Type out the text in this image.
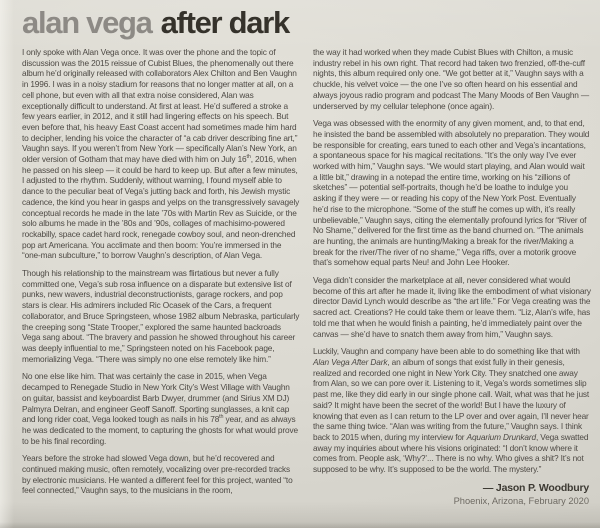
alan vega after dark

I only spoke with Alan Vega once. It was over the phone and the topic of discussion was the 2015 reissue of Cubist Blues, the phenomenally out there album he’d originally released with collaborators Alex Chilton and Ben Vaughn in 1996. I was in a noisy stadium for reasons that no longer matter at all, on a cell phone, but even with all that extra noise considered, Alan was exceptionally difficult to understand. At first at least. He’d suffered a stroke a few years earlier, in 2012, and it still had lingering effects on his speech. But even before that, his heavy East Coast accent had sometimes made him hard to decipher, lending his voice the character of “a cab driver describing fine art,” Vaughn says. If you weren’t from New York — specifically Alan’s New York, an older version of Gotham that may have died with him on July 16th, 2016, when he passed on his sleep — it could be hard to keep up. But after a few minutes, I adjusted to the rhythm. Suddenly, without warning, I found myself able to dance to the peculiar beat of Vega’s jutting back and forth, his Jewish mystic cadence, the kind you hear in gasps and yelps on the transgressively savagely conceptual records he made in the late ’70s with Martin Rev as Suicide, or the solo albums he made in the ’80s and ’90s, collages of machisimo-powered rockabilly, space cadet hard rock, renegade cowboy soul, and neon-drenched pop art Americana. You acclimate and then boom: You’re immersed in the “one-man subculture,” to borrow Vaughn’s description, of Alan Vega.

Though his relationship to the mainstream was flirtatious but never a fully committed one, Vega’s sub rosa influence on a disparate but extensive list of punks, new wavers, industrial deconstructionists, garage rockers, and pop stars is clear. His admirers included Ric Ocasek of the Cars, a frequent collaborator, and Bruce Springsteen, whose 1982 album Nebraska, particularly the creeping song “State Trooper,” explored the same haunted backroads Vega sang about. “The bravery and passion he showed throughout his career was deeply influential to me,” Springsteen noted on his Facebook page, memorializing Vega. “There was simply no one else remotely like him.”

No one else like him. That was certainly the case in 2015, when Vega decamped to Renegade Studio in New York City’s West Village with Vaughn on guitar, bassist and keyboardist Barb Dwyer, drummer (and Sirius XM DJ) Palmyra Delran, and engineer Geoff Sanoff. Sporting sunglasses, a knit cap and long rider coat, Vega looked tough as nails in his 78th year, and as always he was dedicated to the moment, to capturing the ghosts for what would prove to be his final recording.

Years before the stroke had slowed Vega down, but he’d recovered and continued making music, often remotely, vocalizing over pre-recorded tracks by electronic musicians. He wanted a different feel for this project, wanted “to feel connected,” Vaughn says, to the musicians in the room,

the way it had worked when they made Cubist Blues with Chilton, a music industry rebel in his own right. That record had taken two frenzied, off-the-cuff nights, this album required only one. “We got better at it,” Vaughn says with a chuckle, his velvet voice — the one I’ve so often heard on his essential and always joyous radio program and podcast The Many Moods of Ben Vaughn — underserved by my cellular telephone (once again).

Vega was obsessed with the enormity of any given moment, and, to that end, he insisted the band be assembled with absolutely no preparation. They would be responsible for creating, ears tuned to each other and Vega’s incantations, a spontaneous space for his magical recitations. “It’s the only way I’ve ever worked with him,” Vaughn says. “We would start playing, and Alan would wait a little bit,” drawing in a notepad the entire time, working on his “zillions of sketches” — potential self-portraits, though he’d be loathe to indulge you asking if they were — or reading his copy of the New York Post. Eventually he’d rise to the microphone. “Some of the stuff he comes up with, it’s really unbelievable,” Vaughn says, citing the elementally profound lyrics for “River of No Shame,” delivered for the first time as the band churned on. “The animals are hunting, the animals are hunting/Making a break for the river/Making a break for the river/The river of no shame,” Vega riffs, over a motorik groove that’s somehow equal parts Neu! and John Lee Hooker.

Vega didn’t consider the marketplace at all, never considered what would become of this art after he made it, living like the embodiment of what visionary director David Lynch would describe as “the art life.” For Vega creating was the sacred act. Creations? He could take them or leave them. “Liz, Alan’s wife, has told me that when he would finish a painting, he’d immediately paint over the canvas — she’d have to snatch them away from him,” Vaughn says.

Luckily, Vaughn and company have been able to do something like that with Alan Vega After Dark, an album of songs that exist fully in their genesis, realized and recorded one night in New York City. They snatched one away from Alan, so we can pore over it. Listening to it, Vega’s words sometimes slip past me, like they did early in our single phone call. Wait, what was that he just said? It might have been the secret of the world! But I have the luxury of knowing that even as I can return to the LP over and over again, I’ll never hear the same thing twice. “Alan was writing from the future,” Vaughn says. I think back to 2015 when, during my interview for Aquarium Drunkard, Vega swatted away my inquiries about where his visions originated: “I don’t know where it comes from. People ask, ‘Why?’... There is no why. Who gives a shit? It’s not supposed to be why. It’s supposed to be the world. The mystery.”

— Jason P. Woodbury
Phoenix, Arizona, February 2020
